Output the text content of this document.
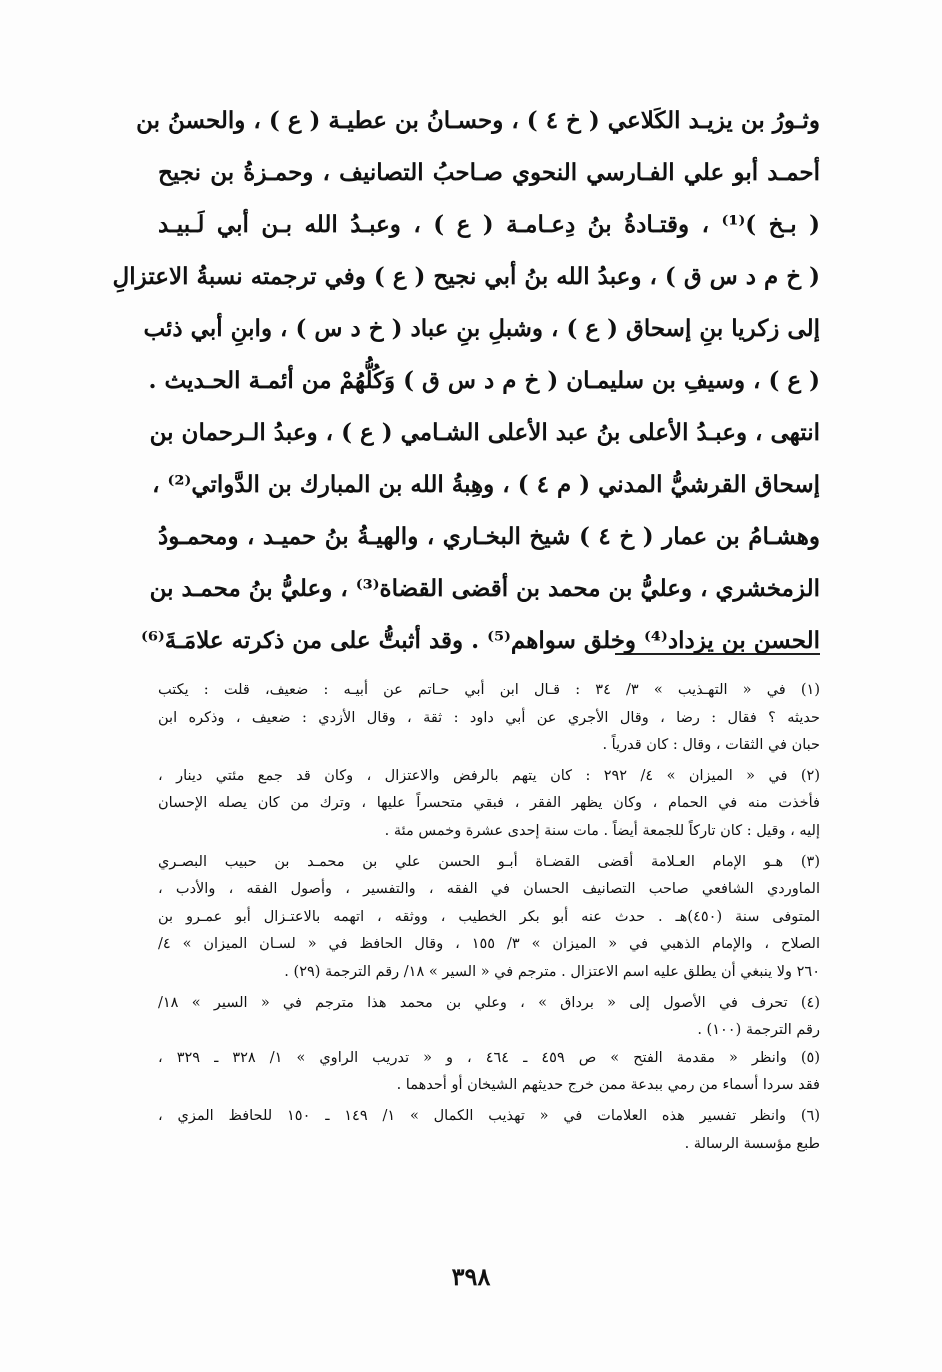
وثـورُ بن يزيـد الكَلاعي ( خ ٤ ) ، وحسـانُ بن عطيـة ( ع ) ، والحسنُ بن
أحمـد أبو علي الفـارسي النحوي صـاحبُ التصانيف ، وحمـزةُ بن نجيح
( بـخ )⁽¹⁾ ، وقتـادةُ بنُ دِعـامـة ( ع ) ، وعبـدُ الله بـن أبي لَـبيـد
( خ م د س ق ) ، وعبدُ الله بنُ أبي نجيح ( ع ) وفي ترجمته نسبةُ الاعتزالِ
إلى زكريا بنِ إسحاق ( ع ) ، وشبلِ بنِ عباد ( خ د س ) ، وابنِ أبي ذئب
( ع ) ، وسيفِ بن سليمـان ( خ م د س ق ) وَكُلُّهُمْ من أئمـة الحـديث .
انتهى ، وعبـدُ الأعلى بنُ عبد الأعلى الشـامي ( ع ) ، وعبدُ الـرحمان بن
إسحاق القرشيُّ المدني ( م ٤ ) ، وهِبةُ الله بن المبارك بن الدَّواتي⁽²⁾ ،
وهشـامُ بن عمار ( خ ٤ ) شيخ البخـاري ، والهيـةُ بنُ حميـد ، ومحمـودُ
الزمخشري ، وعليُّ بن محمد بن أقضى القضاة⁽³⁾ ، وعليُّ بنُ محمـد بن
الحسن بن يزداد⁽⁴⁾ وخلق سواهم⁽⁵⁾ . وقد أثبتُّ على من ذكرته علامَـةَ⁽⁶⁾
(١) في « التهـذيب » ٣/ ٣٤ : قـال ابن أبي حـاتم عن أبيـه : ضعيف، قلت : يكتب
حديثه ؟ فقال : رضا ، وقال الأجري عن أبي داود : ثقة ، وقال الأزدي : ضعيف ، وذكره ابن
حبان في الثقات ، وقال : كان قدرياً .
(٢) في « الميزان » ٤/ ٢٩٢ : كان يتهم بالرفض والاعتزال ، وكان قد جمع مئتي دينار ،
فأخذت منه في الحمام ، وكان يظهر الفقر ، فبقي متحسراً عليها ، وترك من كان يصله الإحسان
إليه ، وقيل : كان تاركاً للجمعة أيضاً . مات سنة إحدى عشرة وخمس مئة .
(٣) هـو الإمام العـلامة أقضى القضـاة أبـو الحسن علي بن محمـد بن حبيب البصـري
الماوردي الشافعي صاحب التصانيف الحسان في الفقه ، والتفسير ، وأصول الفقه ، والأدب ،
المتوفى سنة (٤٥٠)هـ . حدث عنه أبو بكر الخطيب ، ووثقه ، اتهمه بالاعتـزال أبو عمـرو بن
الصلاح ، والإمام الذهبي في « الميزان » ٣/ ١٥٥ ، وقال الحافظ في « لسـان الميزان » ٤/
٢٦٠ ولا ينبغي أن يطلق عليه اسم الاعتزال . مترجم في « السير » ١٨/ رقم الترجمة (٢٩) .
(٤) تحرف في الأصول إلى « برداق » ، وعلي بن محمد هذا مترجم في « السير » ١٨/
رقم الترجمة (١٠٠) .
(٥) وانظر « مقدمة الفتح » ص ٤٥٩ ـ ٤٦٤ ، و « تدريب الراوي » ١/ ٣٢٨ ـ ٣٢٩ ،
فقد سردا أسماء من رمي ببدعة ممن خرج حديثهم الشيخان أو أحدهما .
(٦) وانظر تفسير هذه العلامات في « تهذيب الكمال » ١/ ١٤٩ ـ ١٥٠ للحافظ المزي ،
طبع مؤسسة الرسالة .
٣٩٨
